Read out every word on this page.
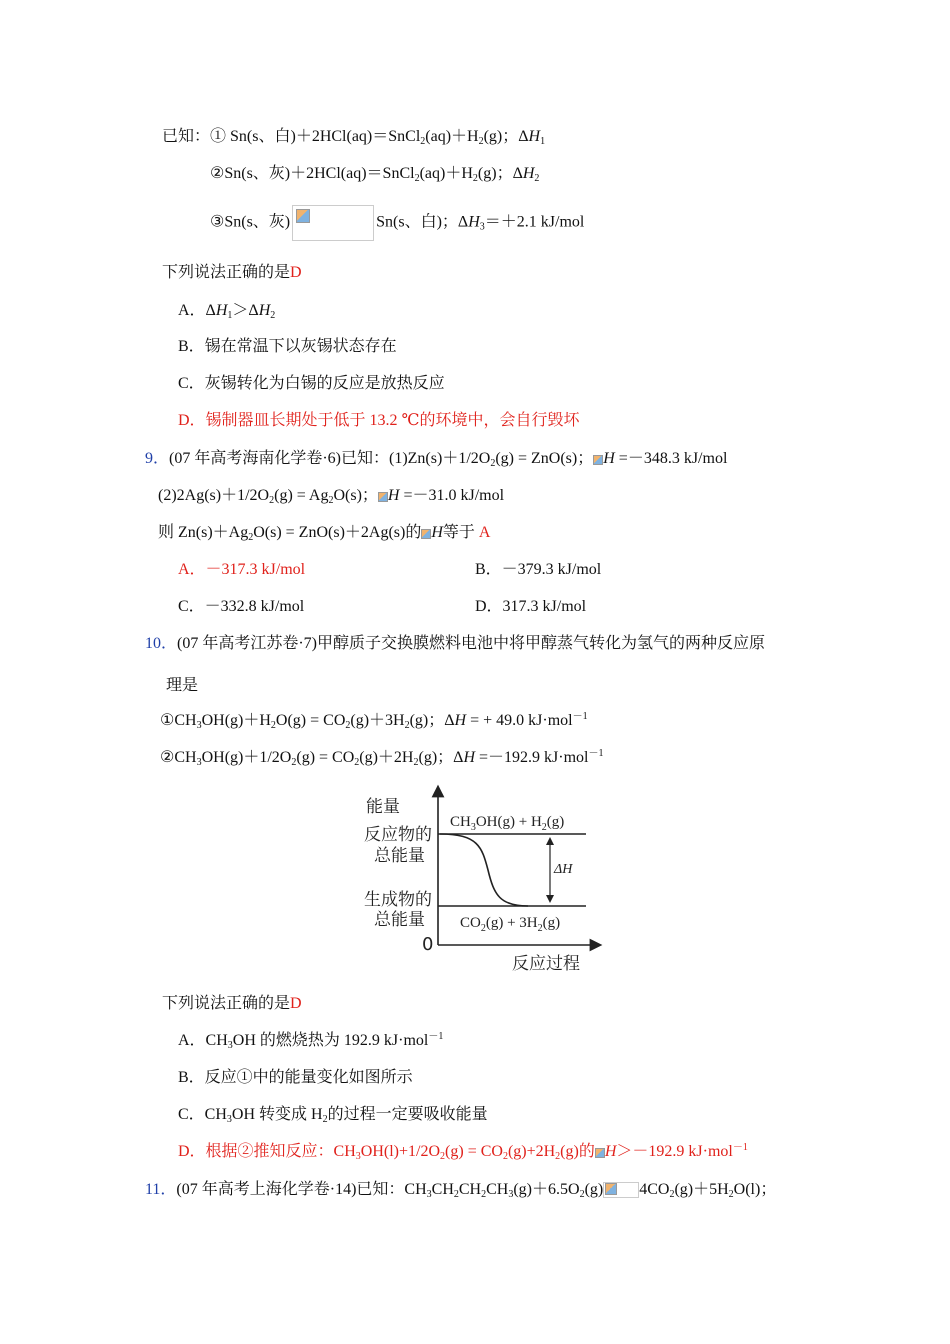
已知：① Sn(s、白)$+2HCl(aq)=SnCl_2(aq)+H_2(g)$；$\Delta H_1$
②Sn(s、灰)$+2HCl(aq)=SnCl_2(aq)+H_2(g)$；$\Delta H_2$
③Sn(s、灰)	Sn(s、白)；$\Delta H_3=+2.1$ kJ/mol
下列说法正确的是D
A．$\Delta H_1>\Delta H_2$
B．锡在常温下以灰锡状态存在
C．灰锡转化为白锡的反应是放热反应
D．锡制器皿长期处于低于 13.2 ℃的环境中，会自行毁坏
9．(07 年高考海南化学卷·6)已知：$(1)Zn(s)+1/2O_2(g) = ZnO(s)$； H =－348.3 kJ/mol
$(2)2Ag(s)+1/2O_2(g) = Ag_2O(s)$； H =－31.0 kJ/mol
则 $Zn(s)+Ag_2O(s) = ZnO(s)+2Ag(s)$的 H等于 A
A．－317.3 kJ/mol	B．－379.3 kJ/mol
C．－332.8 kJ/mol	D．317.3 kJ/mol
10．(07 年高考江苏卷·7)甲醇质子交换膜燃料电池中将甲醇蒸气转化为氢气的两种反应原
理是
$①CH_3OH(g)+H_2O(g) = CO_2(g)+3H_2(g)$；ΔH = + 49.0 kJ·mol$^{-1}$
$②CH_3OH(g)+1/2O_2(g) = CO_2(g)+2H_2(g)$；ΔH =－192.9 kJ·mol$^{-1}$
能量
反应物的
总能量
生成物的
总能量
0
反应过程
$CH_3OH(g) + H_2(g)$
$CO_2(g) + 3H_2(g)$
ΔH
下列说法正确的是D
A．$CH_3OH$ 的燃烧热为 192.9 kJ·mol$^{-1}$
B．反应①中的能量变化如图所示
C．$CH_3OH$ 转变成 $H_2$的过程一定要吸收能量
D．根据②推知反应：$CH_3OH(l)+1/2O_2(g) = CO_2(g)+2H_2(g)$的 H＞－192.9 kJ·mol$^{-1}$
11．(07 年高考上海化学卷·14)已知：$CH_3CH_2CH_2CH_3(g)+6.5O_2(g)$ $4CO_2(g)+5H_2O(l)$；
